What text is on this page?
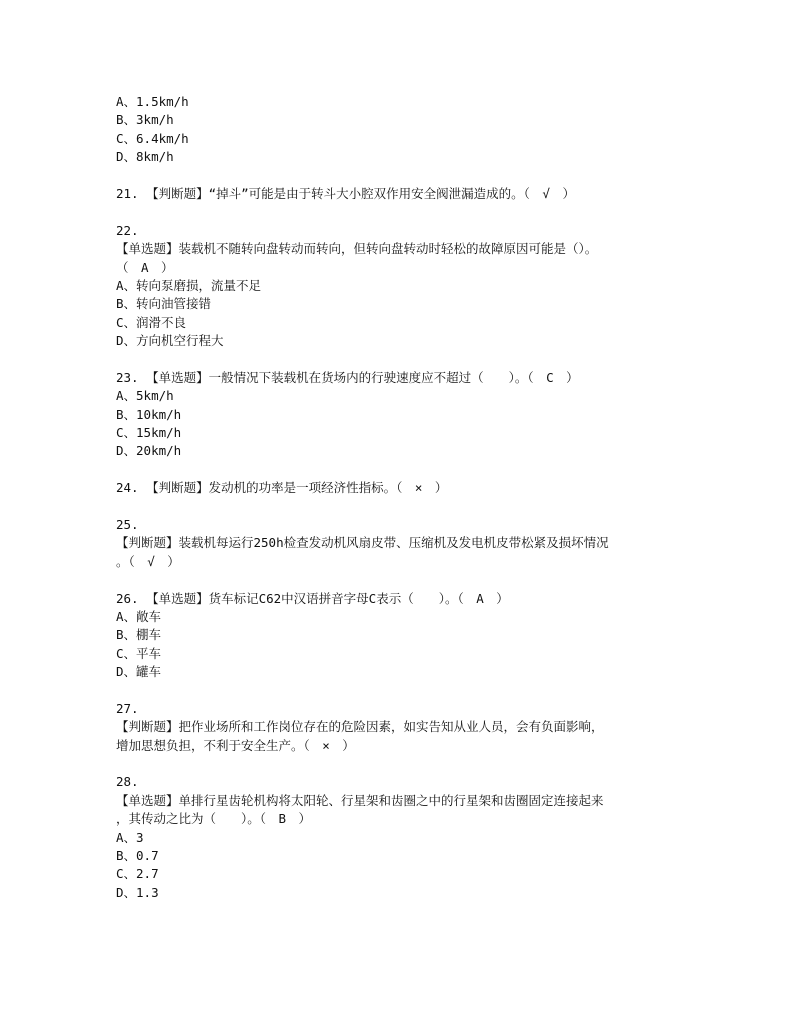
A、1.5km/h
B、3km/h
C、6.4km/h
D、8km/h
21. 【判断题】“掉斗”可能是由于转斗大小腔双作用安全阀泄漏造成的。（　√　）
22.
【单选题】装载机不随转向盘转动而转向，但转向盘转动时轻松的故障原因可能是（）。
（　A　）
A、转向泵磨损，流量不足
B、转向油管接错
C、润滑不良
D、方向机空行程大
23. 【单选题】一般情况下装载机在货场内的行驶速度应不超过（　　）。（　C　）
A、5km/h
B、10km/h
C、15km/h
D、20km/h
24. 【判断题】发动机的功率是一项经济性指标。（　×　）
25.
【判断题】装载机每运行250h检查发动机风扇皮带、压缩机及发电机皮带松紧及损坏情况
。（　√　）
26. 【单选题】货车标记C62中汉语拼音字母C表示（　　）。（　A　）
A、敞车
B、棚车
C、平车
D、罐车
27.
【判断题】把作业场所和工作岗位存在的危险因素，如实告知从业人员，会有负面影响，
增加思想负担，不利于安全生产。（　×　）
28.
【单选题】单排行星齿轮机构将太阳轮、行星架和齿圈之中的行星架和齿圈固定连接起来
，其传动之比为（　　）。（　B　）
A、3
B、0.7
C、2.7
D、1.3
